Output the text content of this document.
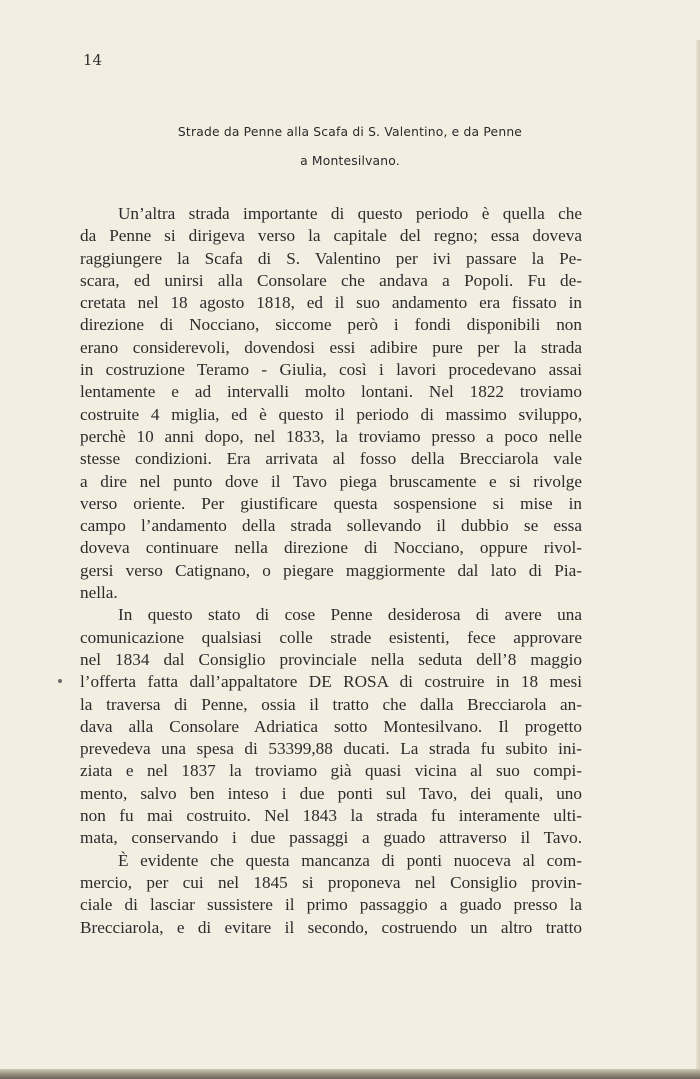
14
Strade da Penne alla Scafa di S. Valentino, e da Penne
a Montesilvano.
Un’altra strada importante di questo periodo è quella che
da Penne si dirigeva verso la capitale del regno; essa doveva
raggiungere la Scafa di S. Valentino per ivi passare la Pe-
scara, ed unirsi alla Consolare che andava a Popoli. Fu de-
cretata nel 18 agosto 1818, ed il suo andamento era fissato in
direzione di Nocciano, siccome però i fondi disponibili non
erano considerevoli, dovendosi essi adibire pure per la strada
in costruzione Teramo - Giulia, così i lavori procedevano assai
lentamente e ad intervalli molto lontani. Nel 1822 troviamo
costruite 4 miglia, ed è questo il periodo di massimo sviluppo,
perchè 10 anni dopo, nel 1833, la troviamo presso a poco nelle
stesse condizioni. Era arrivata al fosso della Brecciarola vale
a dire nel punto dove il Tavo piega bruscamente e si rivolge
verso oriente. Per giustificare questa sospensione si mise in
campo l’andamento della strada sollevando il dubbio se essa
doveva continuare nella direzione di Nocciano, oppure rivol-
gersi verso Catignano, o piegare maggiormente dal lato di Pia-
nella.
In questo stato di cose Penne desiderosa di avere una
comunicazione qualsiasi colle strade esistenti, fece approvare
nel 1834 dal Consiglio provinciale nella seduta dell’8 maggio
l’offerta fatta dall’appaltatore DE ROSA di costruire in 18 mesi
la traversa di Penne, ossia il tratto che dalla Brecciarola an-
dava alla Consolare Adriatica sotto Montesilvano. Il progetto
prevedeva una spesa di 53399,88 ducati. La strada fu subito ini-
ziata e nel 1837 la troviamo già quasi vicina al suo compi-
mento, salvo ben inteso i due ponti sul Tavo, dei quali, uno
non fu mai costruito. Nel 1843 la strada fu interamente ulti-
mata, conservando i due passaggi a guado attraverso il Tavo.
È evidente che questa mancanza di ponti nuoceva al com-
mercio, per cui nel 1845 si proponeva nel Consiglio provin-
ciale di lasciar sussistere il primo passaggio a guado presso la
Brecciarola, e di evitare il secondo, costruendo un altro tratto
